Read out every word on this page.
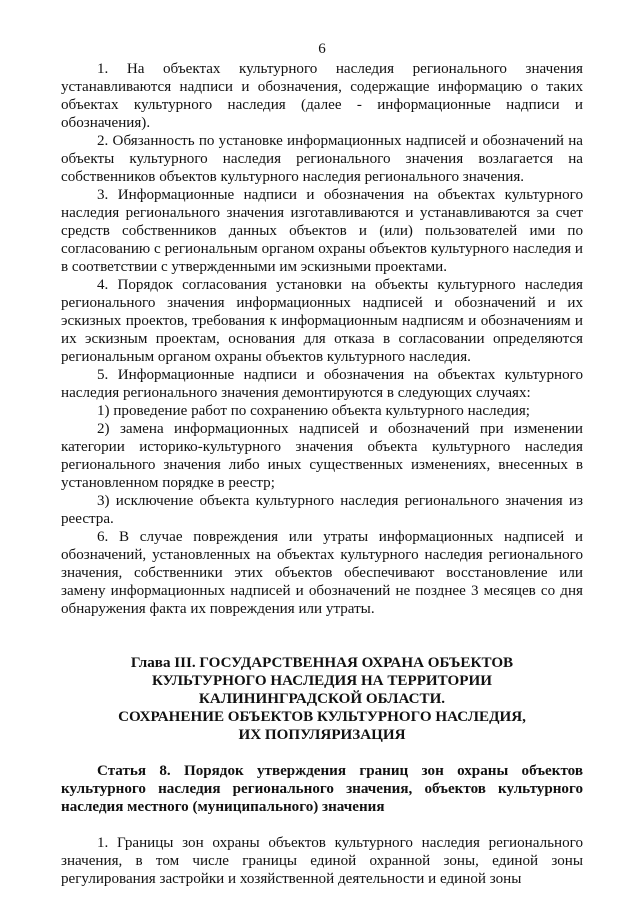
6

1. На объектах культурного наследия регионального значения устанавливаются надписи и обозначения, содержащие информацию о таких объектах культурного наследия (далее - информационные надписи и обозначения).

2. Обязанность по установке информационных надписей и обозначений на объекты культурного наследия регионального значения возлагается на собственников объектов культурного наследия регионального значения.

3. Информационные надписи и обозначения на объектах культурного наследия регионального значения изготавливаются и устанавливаются за счет средств собственников данных объектов и (или) пользователей ими по согласованию с региональным органом охраны объектов культурного наследия и в соответствии с утвержденными им эскизными проектами.

4. Порядок согласования установки на объекты культурного наследия регионального значения информационных надписей и обозначений и их эскизных проектов, требования к информационным надписям и обозначениям и их эскизным проектам, основания для отказа в согласовании определяются региональным органом охраны объектов культурного наследия.

5. Информационные надписи и обозначения на объектах культурного наследия регионального значения демонтируются в следующих случаях:

1) проведение работ по сохранению объекта культурного наследия;

2) замена информационных надписей и обозначений при изменении категории историко-культурного значения объекта культурного наследия регионального значения либо иных существенных изменениях, внесенных в установленном порядке в реестр;

3) исключение объекта культурного наследия регионального значения из реестра.

6. В случае повреждения или утраты информационных надписей и обозначений, установленных на объектах культурного наследия регионального значения, собственники этих объектов обеспечивают восстановление или замену информационных надписей и обозначений не позднее 3 месяцев со дня обнаружения факта их повреждения или утраты.

Глава III. ГОСУДАРСТВЕННАЯ ОХРАНА ОБЪЕКТОВ
КУЛЬТУРНОГО НАСЛЕДИЯ НА ТЕРРИТОРИИ
КАЛИНИНГРАДСКОЙ ОБЛАСТИ.
СОХРАНЕНИЕ ОБЪЕКТОВ КУЛЬТУРНОГО НАСЛЕДИЯ,
ИХ ПОПУЛЯРИЗАЦИЯ
Статья 8. Порядок утверждения границ зон охраны объектов культурного наследия регионального значения, объектов культурного наследия местного (муниципального) значения

1. Границы зон охраны объектов культурного наследия регионального значения, в том числе границы единой охранной зоны, единой зоны регулирования застройки и хозяйственной деятельности и единой зоны
